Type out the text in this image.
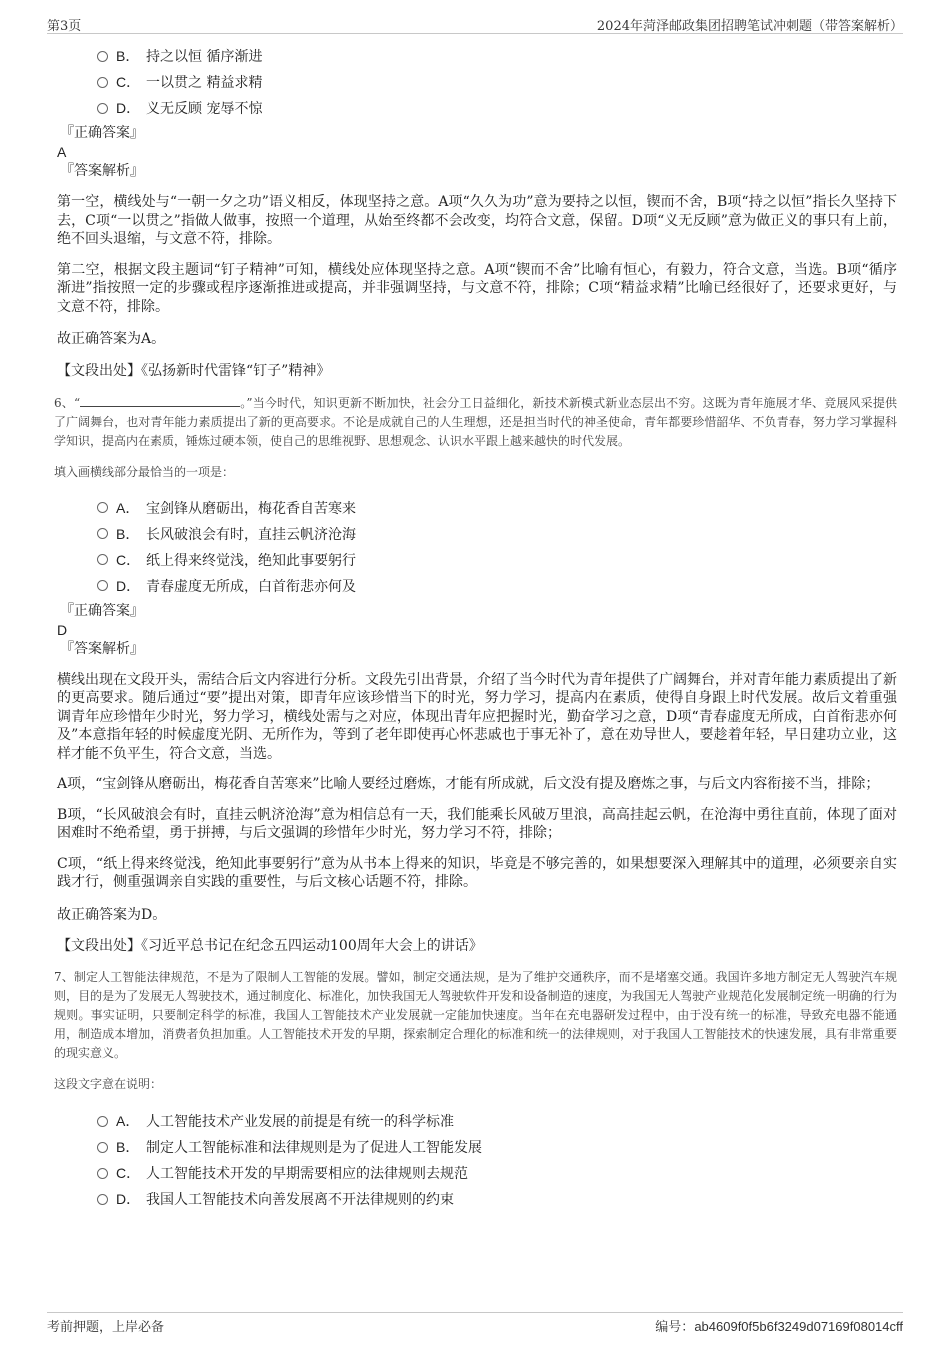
第3页	2024年菏泽邮政集团招聘笔试冲刺题（带答案解析）
B． 持之以恒 循序渐进
C． 一以贯之 精益求精
D． 义无反顾 宠辱不惊
『正确答案』
A
『答案解析』

第一空，横线处与“一朝一夕之功”语义相反，体现坚持之意。A项“久久为功”意为要持之以恒，锲而不舍，B项“持之以恒”指长久坚持下去，C项“一以贯之”指做人做事，按照一个道理，从始至终都不会改变，均符合文意，保留。D项“义无反顾”意为做正义的事只有上前，绝不回头退缩，与文意不符，排除。

第二空，根据文段主题词“钉子精神”可知，横线处应体现坚持之意。A项“锲而不舍”比喻有恒心，有毅力，符合文意，当选。B项“循序渐进”指按照一定的步骤或程序逐渐推进或提高，并非强调坚持，与文意不符，排除；C项“精益求精”比喻已经很好了，还要求更好，与文意不符，排除。

故正确答案为A。

【文段出处】《弘扬新时代雷锋“钉子”精神》
6、“	。”当今时代，知识更新不断加快，社会分工日益细化，新技术新模式新业态层出不穷。这既为青年施展才华、竞展风采提供了广阔舞台，也对青年能力素质提出了新的更高要求。不论是成就自己的人生理想，还是担当时代的神圣使命，青年都要珍惜韶华、不负青春，努力学习掌握科学知识，提高内在素质，锤炼过硬本领，使自己的思维视野、思想观念、认识水平跟上越来越快的时代发展。
填入画横线部分最恰当的一项是：
A． 宝剑锋从磨砺出，梅花香自苦寒来
B． 长风破浪会有时，直挂云帆济沧海
C． 纸上得来终觉浅，绝知此事要躬行
D． 青春虚度无所成，白首衔悲亦何及
『正确答案』
D
『答案解析』

横线出现在文段开头，需结合后文内容进行分析。文段先引出背景，介绍了当今时代为青年提供了广阔舞台，并对青年能力素质提出了新的更高要求。随后通过“要”提出对策，即青年应该珍惜当下的时光，努力学习，提高内在素质，使得自身跟上时代发展。故后文着重强调青年应珍惜年少时光，努力学习，横线处需与之对应，体现出青年应把握时光，勤奋学习之意，D项“青春虚度无所成，白首衔悲亦何及”本意指年轻的时候虚度光阴、无所作为，等到了老年即使再心怀悲戚也于事无补了，意在劝导世人，要趁着年轻，早日建功立业，这样才能不负平生，符合文意，当选。

A项，“宝剑锋从磨砺出，梅花香自苦寒来”比喻人要经过磨炼，才能有所成就，后文没有提及磨炼之事，与后文内容衔接不当，排除；

B项，“长风破浪会有时，直挂云帆济沧海”意为相信总有一天，我们能乘长风破万里浪，高高挂起云帆，在沧海中勇往直前，体现了面对困难时不绝希望，勇于拼搏，与后文强调的珍惜年少时光，努力学习不符，排除；

C项，“纸上得来终觉浅，绝知此事要躬行”意为从书本上得来的知识，毕竟是不够完善的，如果想要深入理解其中的道理，必须要亲自实践才行，侧重强调亲自实践的重要性，与后文核心话题不符，排除。

故正确答案为D。

【文段出处】《习近平总书记在纪念五四运动100周年大会上的讲话》
7、制定人工智能法律规范，不是为了限制人工智能的发展。譬如，制定交通法规，是为了维护交通秩序，而不是堵塞交通。我国许多地方制定无人驾驶汽车规则，目的是为了发展无人驾驶技术，通过制度化、标准化，加快我国无人驾驶软件开发和设备制造的速度，为我国无人驾驶产业规范化发展制定统一明确的行为规则。事实证明，只要制定科学的标准，我国人工智能技术产业发展就一定能加快速度。当年在充电器研发过程中，由于没有统一的标准，导致充电器不能通用，制造成本增加，消费者负担加重。人工智能技术开发的早期，探索制定合理化的标准和统一的法律规则，对于我国人工智能技术的快速发展，具有非常重要的现实意义。
这段文字意在说明：
A． 人工智能技术产业发展的前提是有统一的科学标准
B． 制定人工智能标准和法律规则是为了促进人工智能发展
C． 人工智能技术开发的早期需要相应的法律规则去规范
D． 我国人工智能技术向善发展离不开法律规则的约束
考前押题，上岸必备	编号：ab4609f0f5b6f3249d07169f08014cff
